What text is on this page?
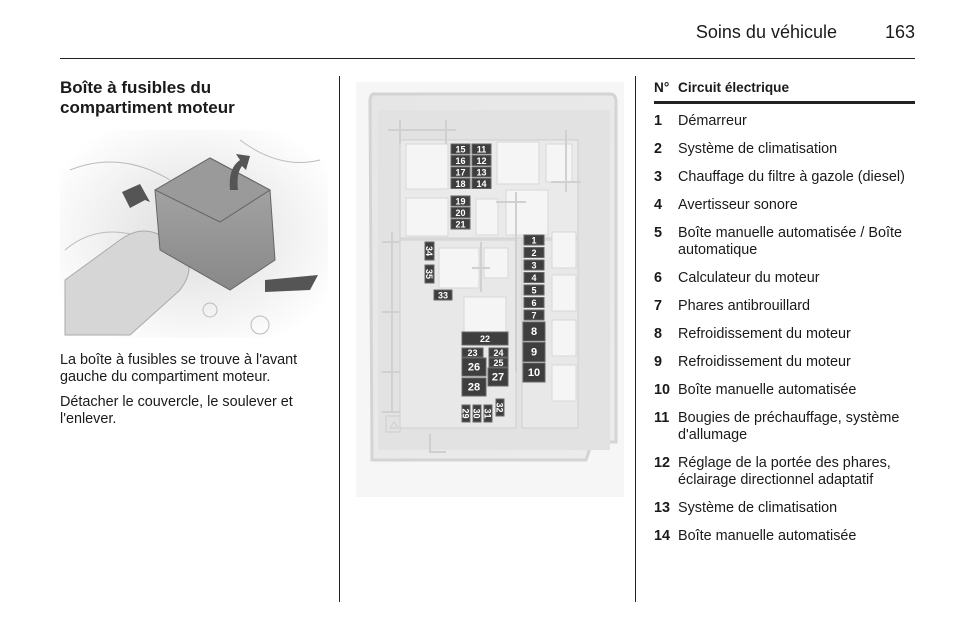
Soins du véhicule	163
Boîte à fusibles du compartiment moteur
La boîte à fusibles se trouve à l'avant gauche du compartiment moteur.
Détacher le couvercle, le soulever et l'enlever.
15
16
17
18
19
20
21
11
12
13
14
1
2
3
4
5
6
7
8
9
10
22
23 24
25
26
27
28
29 30 31
32
34
35
33
N° Circuit électrique
1	Démarreur
2	Système de climatisation
3	Chauffage du filtre à gazole (diesel)
4	Avertisseur sonore
5	Boîte manuelle automatisée / Boîte automatique
6	Calculateur du moteur
7	Phares antibrouillard
8	Refroidissement du moteur
9	Refroidissement du moteur
10 Boîte manuelle automatisée
11 Bougies de préchauffage, système d'allumage
12 Réglage de la portée des phares, éclairage directionnel adaptatif
13 Système de climatisation
14 Boîte manuelle automatisée
